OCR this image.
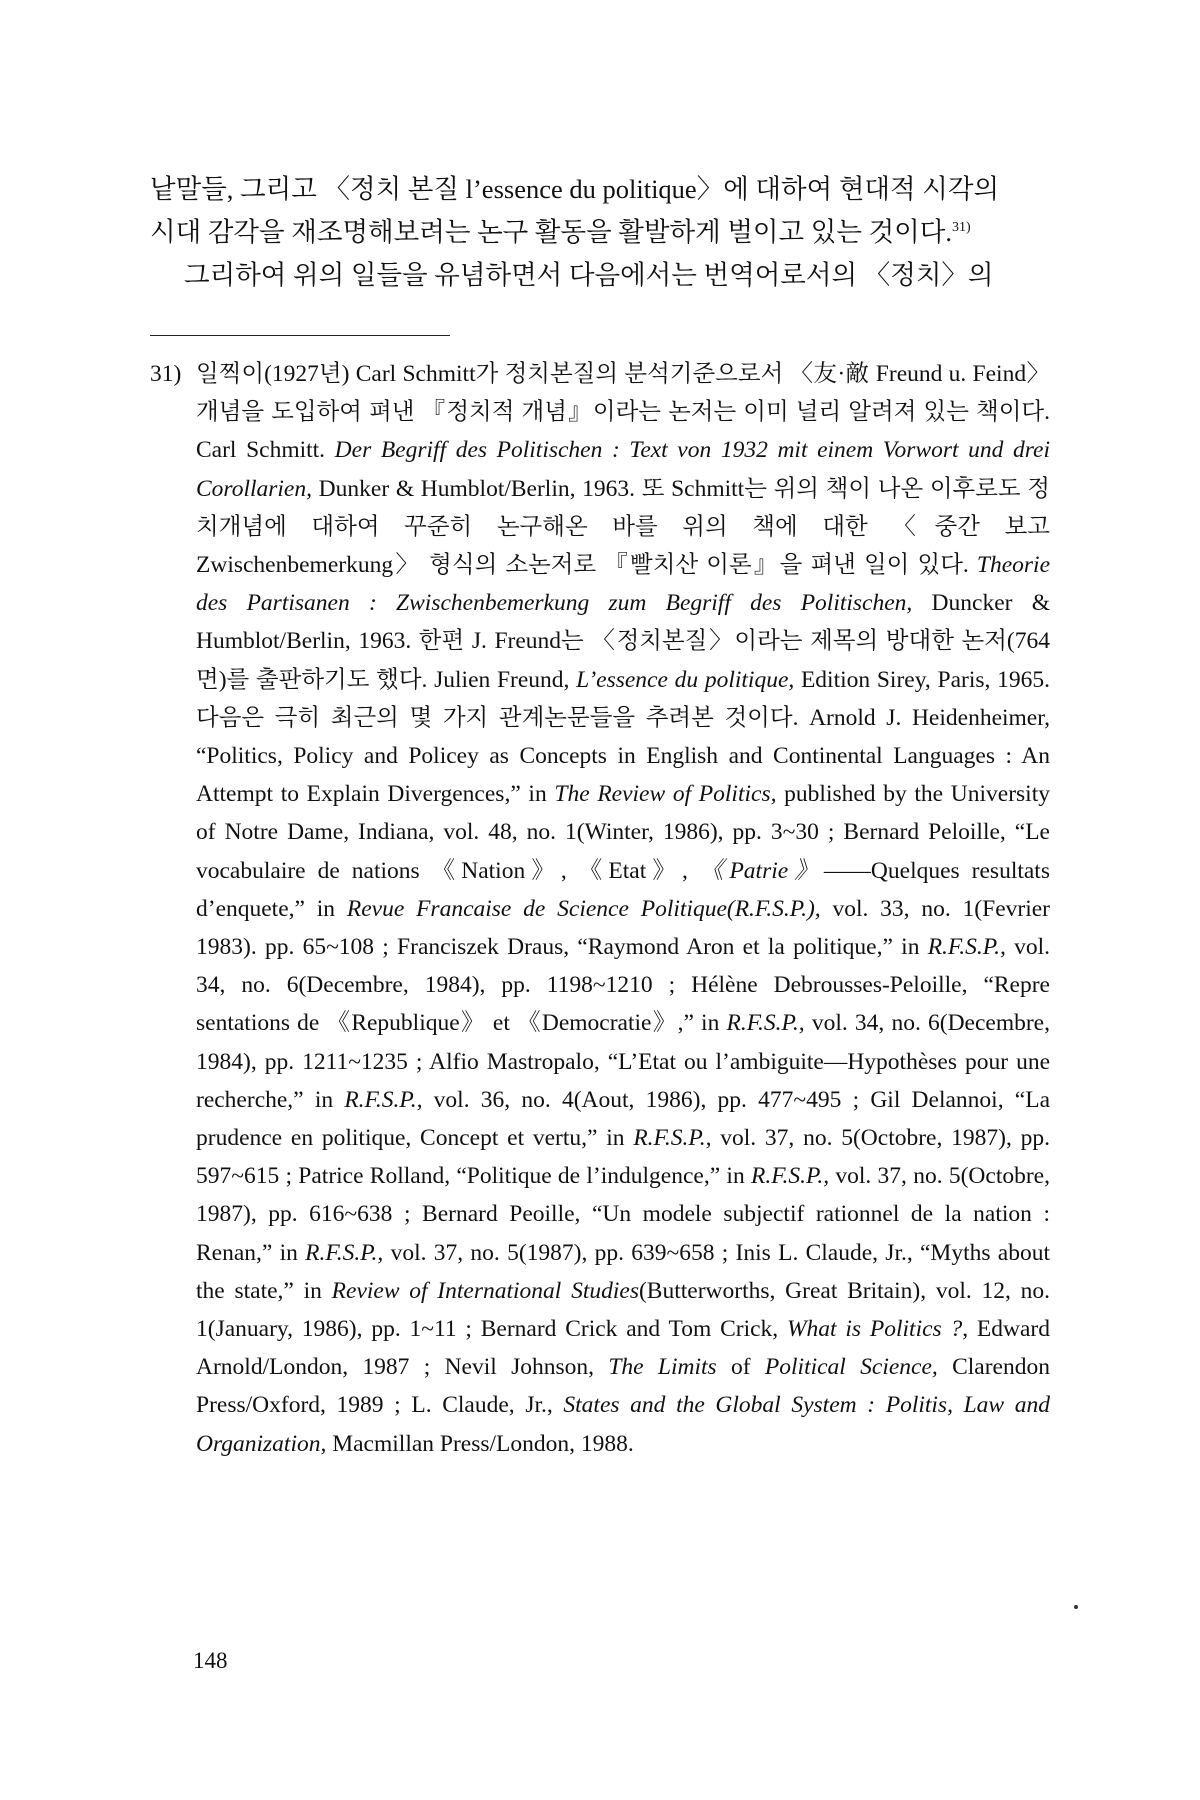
낱말들, 그리고 〈정치 본질 l’essence du politique〉에 대하여 현대적 시각의
시대 감각을 재조명해보려는 논구 활동을 활발하게 벌이고 있는 것이다.$^{31)}$
그리하여 위의 일들을 유념하면서 다음에서는 번역어로서의 〈정치〉의
31) 일찍이(1927년) Carl Schmitt가 정치본질의 분석기준으로서 〈友·敵 Freund u. Feind〉개념을 도입하여 펴낸 『정치적 개념』이라는 논저는 이미 널리 알려져 있는 책이다. Carl Schmitt. Der Begriff des Politischen : Text von 1932 mit einem Vorwort und drei Corollarien, Dunker & Humblot/Berlin, 1963. 또 Schmitt는 위의 책이 나온 이후로도 정치개념에 대하여 꾸준히 논구해온 바를 위의 책에 대한 〈중간 보고 Zwischenbemerkung〉 형식의 소논저로 『빨치산 이론』을 펴낸 일이 있다. Theorie des Partisanen : Zwischenbemerkung zum Begriff des Politischen, Duncker & Humblot/Berlin, 1963. 한편 J. Freund는 〈정치본질〉이라는 제목의 방대한 논저(764면)를 출판하기도 했다. Julien Freund, L’essence du politique, Edition Sirey, Paris, 1965. 다음은 극히 최근의 몇 가지 관계논문들을 추려본 것이다. Arnold J. Heidenheimer, “Politics, Policy and Policey as Concepts in English and Continental Languages : An Attempt to Explain Divergences,” in The Review of Politics, published by the University of Notre Dame, Indiana, vol. 48, no. 1(Winter, 1986), pp. 3~30 ; Bernard Peloille, “Le vocabulaire de nations 《Nation》, 《Etat》, 《Patrie》——Quelques resultats d’enquete,” in Revue Francaise de Science Politique(R.F.S.P.), vol. 33, no. 1(Fevrier 1983). pp. 65~108 ; Franciszek Draus, “Raymond Aron et la politique,” in R.F.S.P., vol. 34, no. 6(Decembre, 1984), pp. 1198~1210 ; Hélène Debrousses-Peloille, “Repre sentations de 《Republique》 et 《Democratie》,” in R.F.S.P., vol. 34, no. 6(Decembre, 1984), pp. 1211~1235 ; Alfio Mastropalo, “L’Etat ou l’ambiguite—Hypothèses pour une recherche,” in R.F.S.P., vol. 36, no. 4(Aout, 1986), pp. 477~495 ; Gil Delannoi, “La prudence en politique, Concept et vertu,” in R.F.S.P., vol. 37, no. 5(Octobre, 1987), pp. 597~615 ; Patrice Rolland, “Politique de l’indulgence,” in R.F.S.P., vol. 37, no. 5(Octobre, 1987), pp. 616~638 ; Bernard Peoille, “Un modele subjectif rationnel de la nation : Renan,” in R.F.S.P., vol. 37, no. 5(1987), pp. 639~658 ; Inis L. Claude, Jr., “Myths about the state,” in Review of International Studies(Butterworths, Great Britain), vol. 12, no. 1(January, 1986), pp. 1~11 ; Bernard Crick and Tom Crick, What is Politics ?, Edward Arnold/London, 1987 ; Nevil Johnson, The Limits of Political Science, Clarendon Press/Oxford, 1989 ; L. Claude, Jr., States and the Global System : Politis, Law and Organization, Macmillan Press/London, 1988.

148
